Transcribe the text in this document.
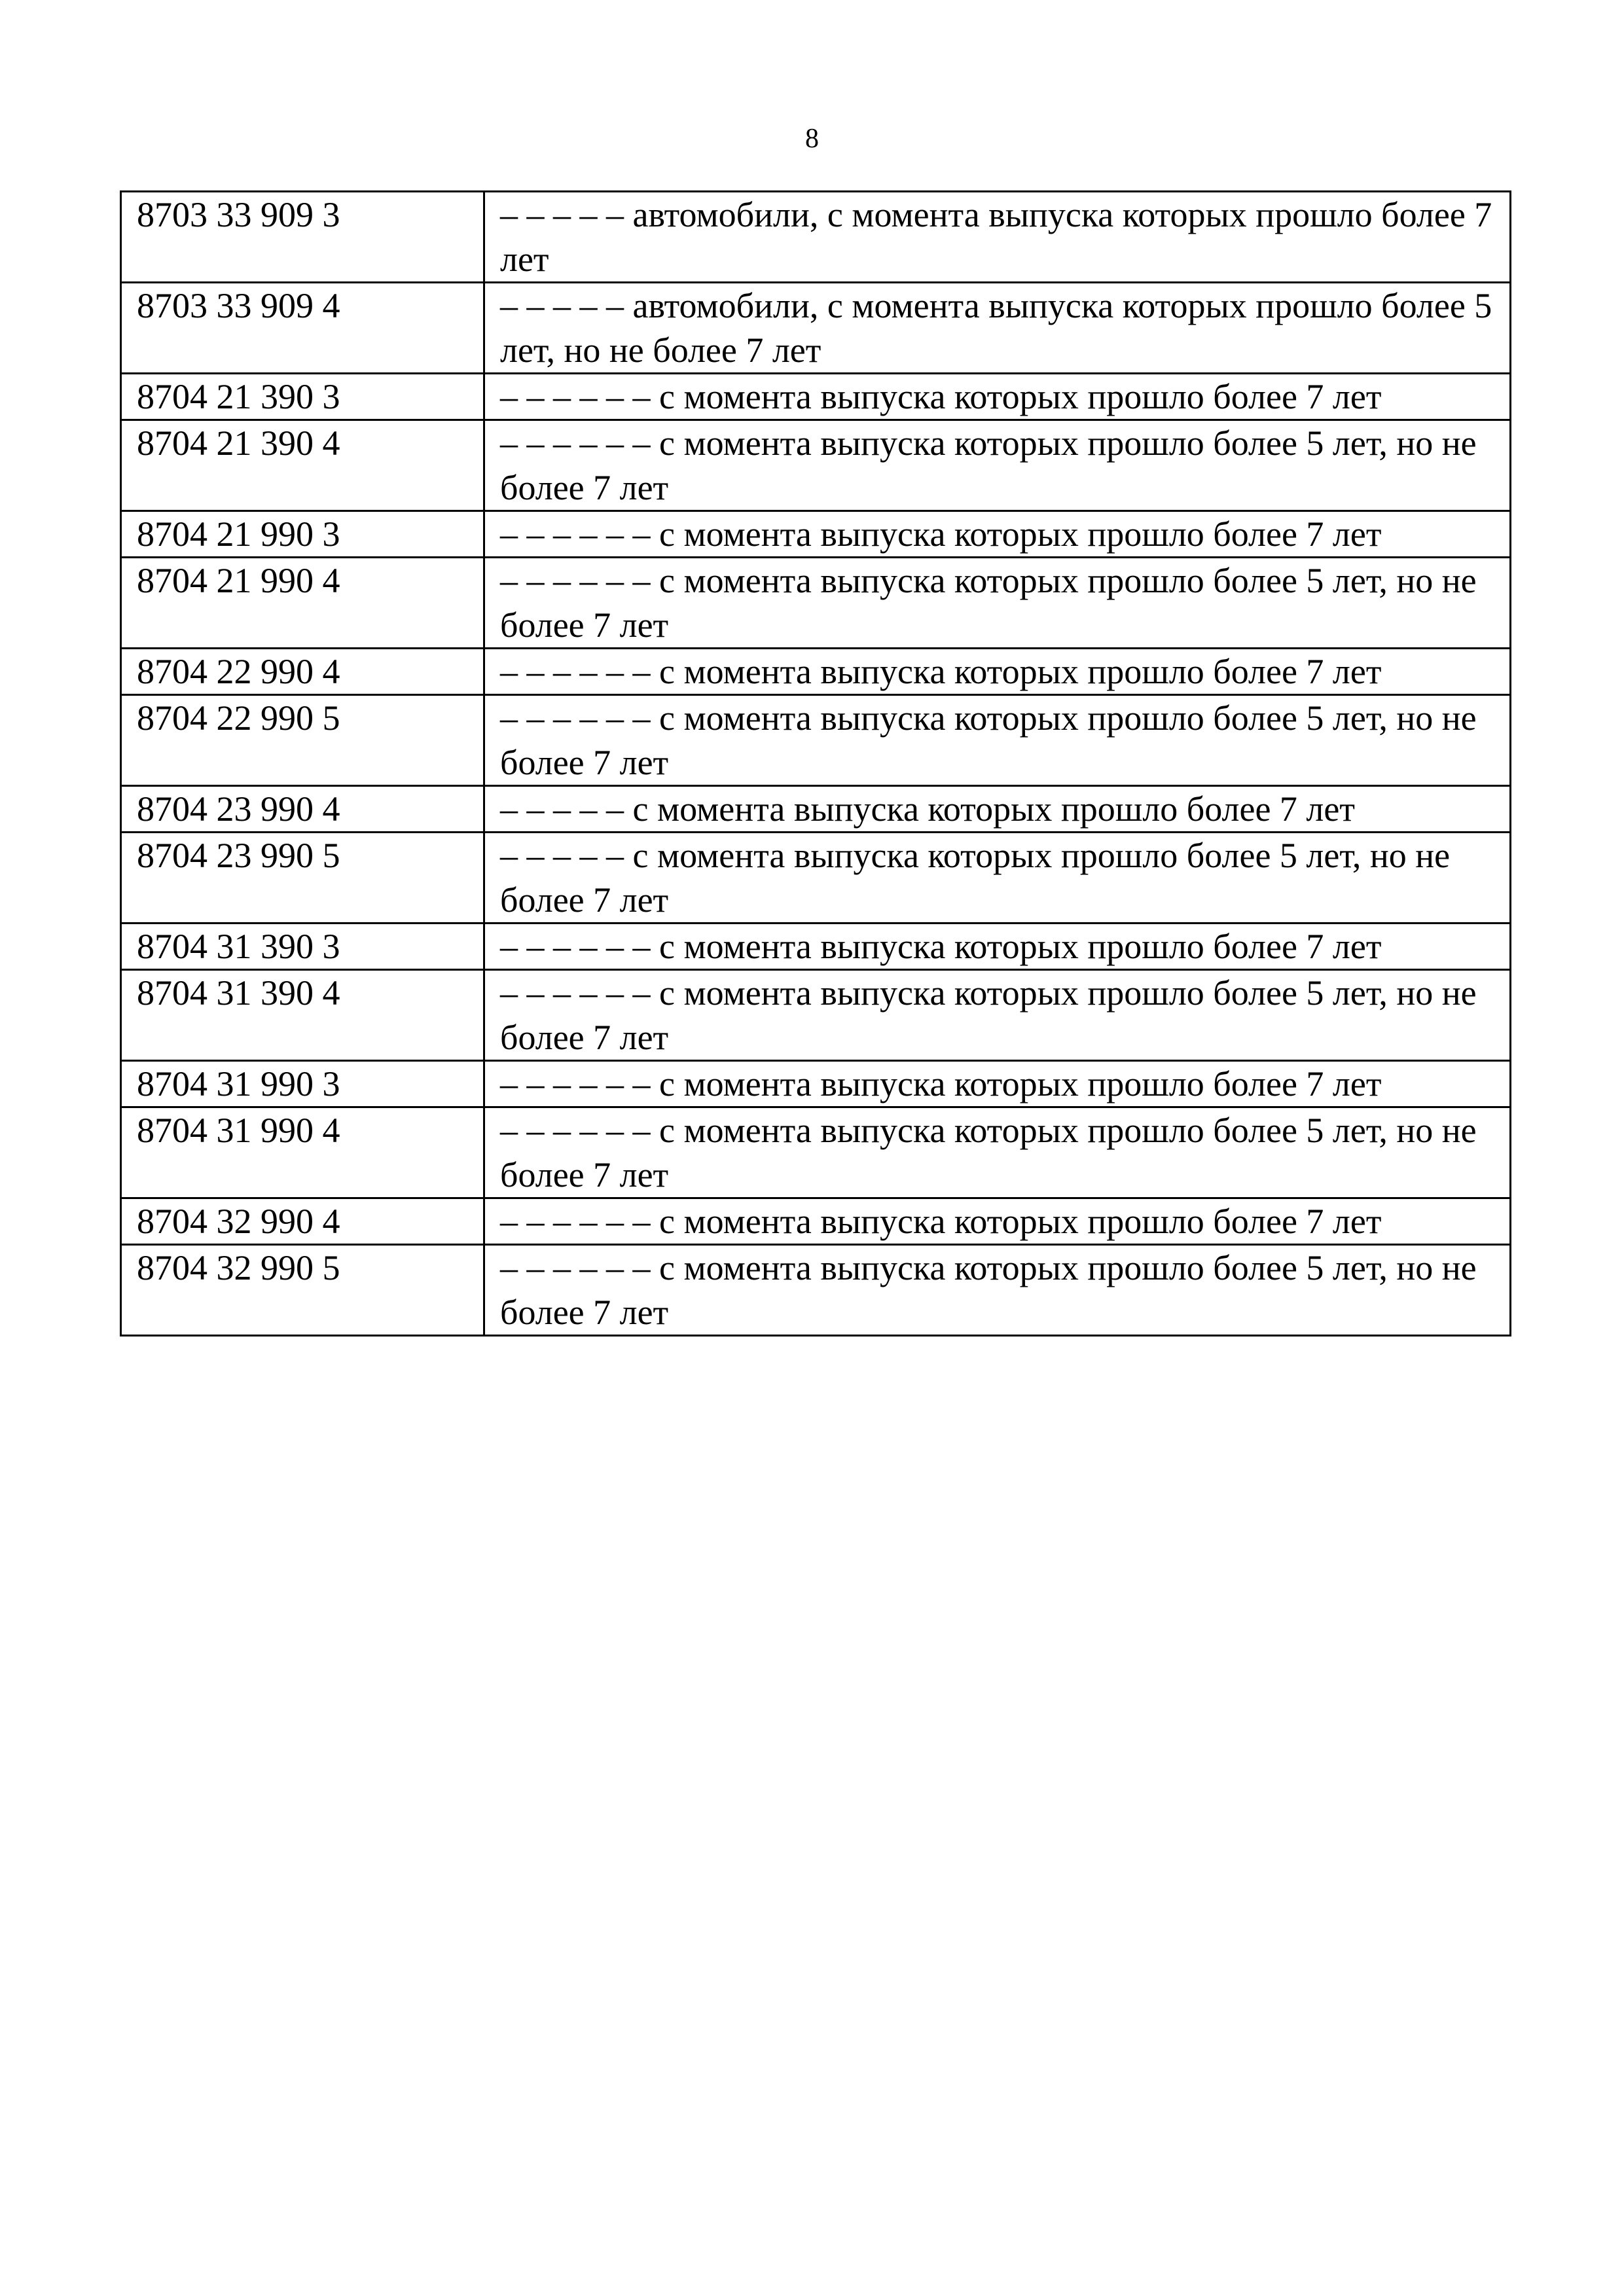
8
8703 33 909 3	– – – – – автомобили, с момента выпуска которых прошло более 7 лет
8703 33 909 4	– – – – – автомобили, с момента выпуска которых прошло более 5 лет, но не более 7 лет
8704 21 390 3	– – – – – – с момента выпуска которых прошло более 7 лет
8704 21 390 4	– – – – – – с момента выпуска которых прошло более 5 лет, но не более 7 лет
8704 21 990 3	– – – – – – с момента выпуска которых прошло более 7 лет
8704 21 990 4	– – – – – – с момента выпуска которых прошло более 5 лет, но не более 7 лет
8704 22 990 4	– – – – – – с момента выпуска которых прошло более 7 лет
8704 22 990 5	– – – – – – с момента выпуска которых прошло более 5 лет, но не более 7 лет
8704 23 990 4	– – – – – с момента выпуска которых прошло более 7 лет
8704 23 990 5	– – – – – с момента выпуска которых прошло более 5 лет, но не более 7 лет
8704 31 390 3	– – – – – – с момента выпуска которых прошло более 7 лет
8704 31 390 4	– – – – – – с момента выпуска которых прошло более 5 лет, но не более 7 лет
8704 31 990 3	– – – – – – с момента выпуска которых прошло более 7 лет
8704 31 990 4	– – – – – – с момента выпуска которых прошло более 5 лет, но не более 7 лет
8704 32 990 4	– – – – – – с момента выпуска которых прошло более 7 лет
8704 32 990 5	– – – – – – с момента выпуска которых прошло более 5 лет, но не более 7 лет
